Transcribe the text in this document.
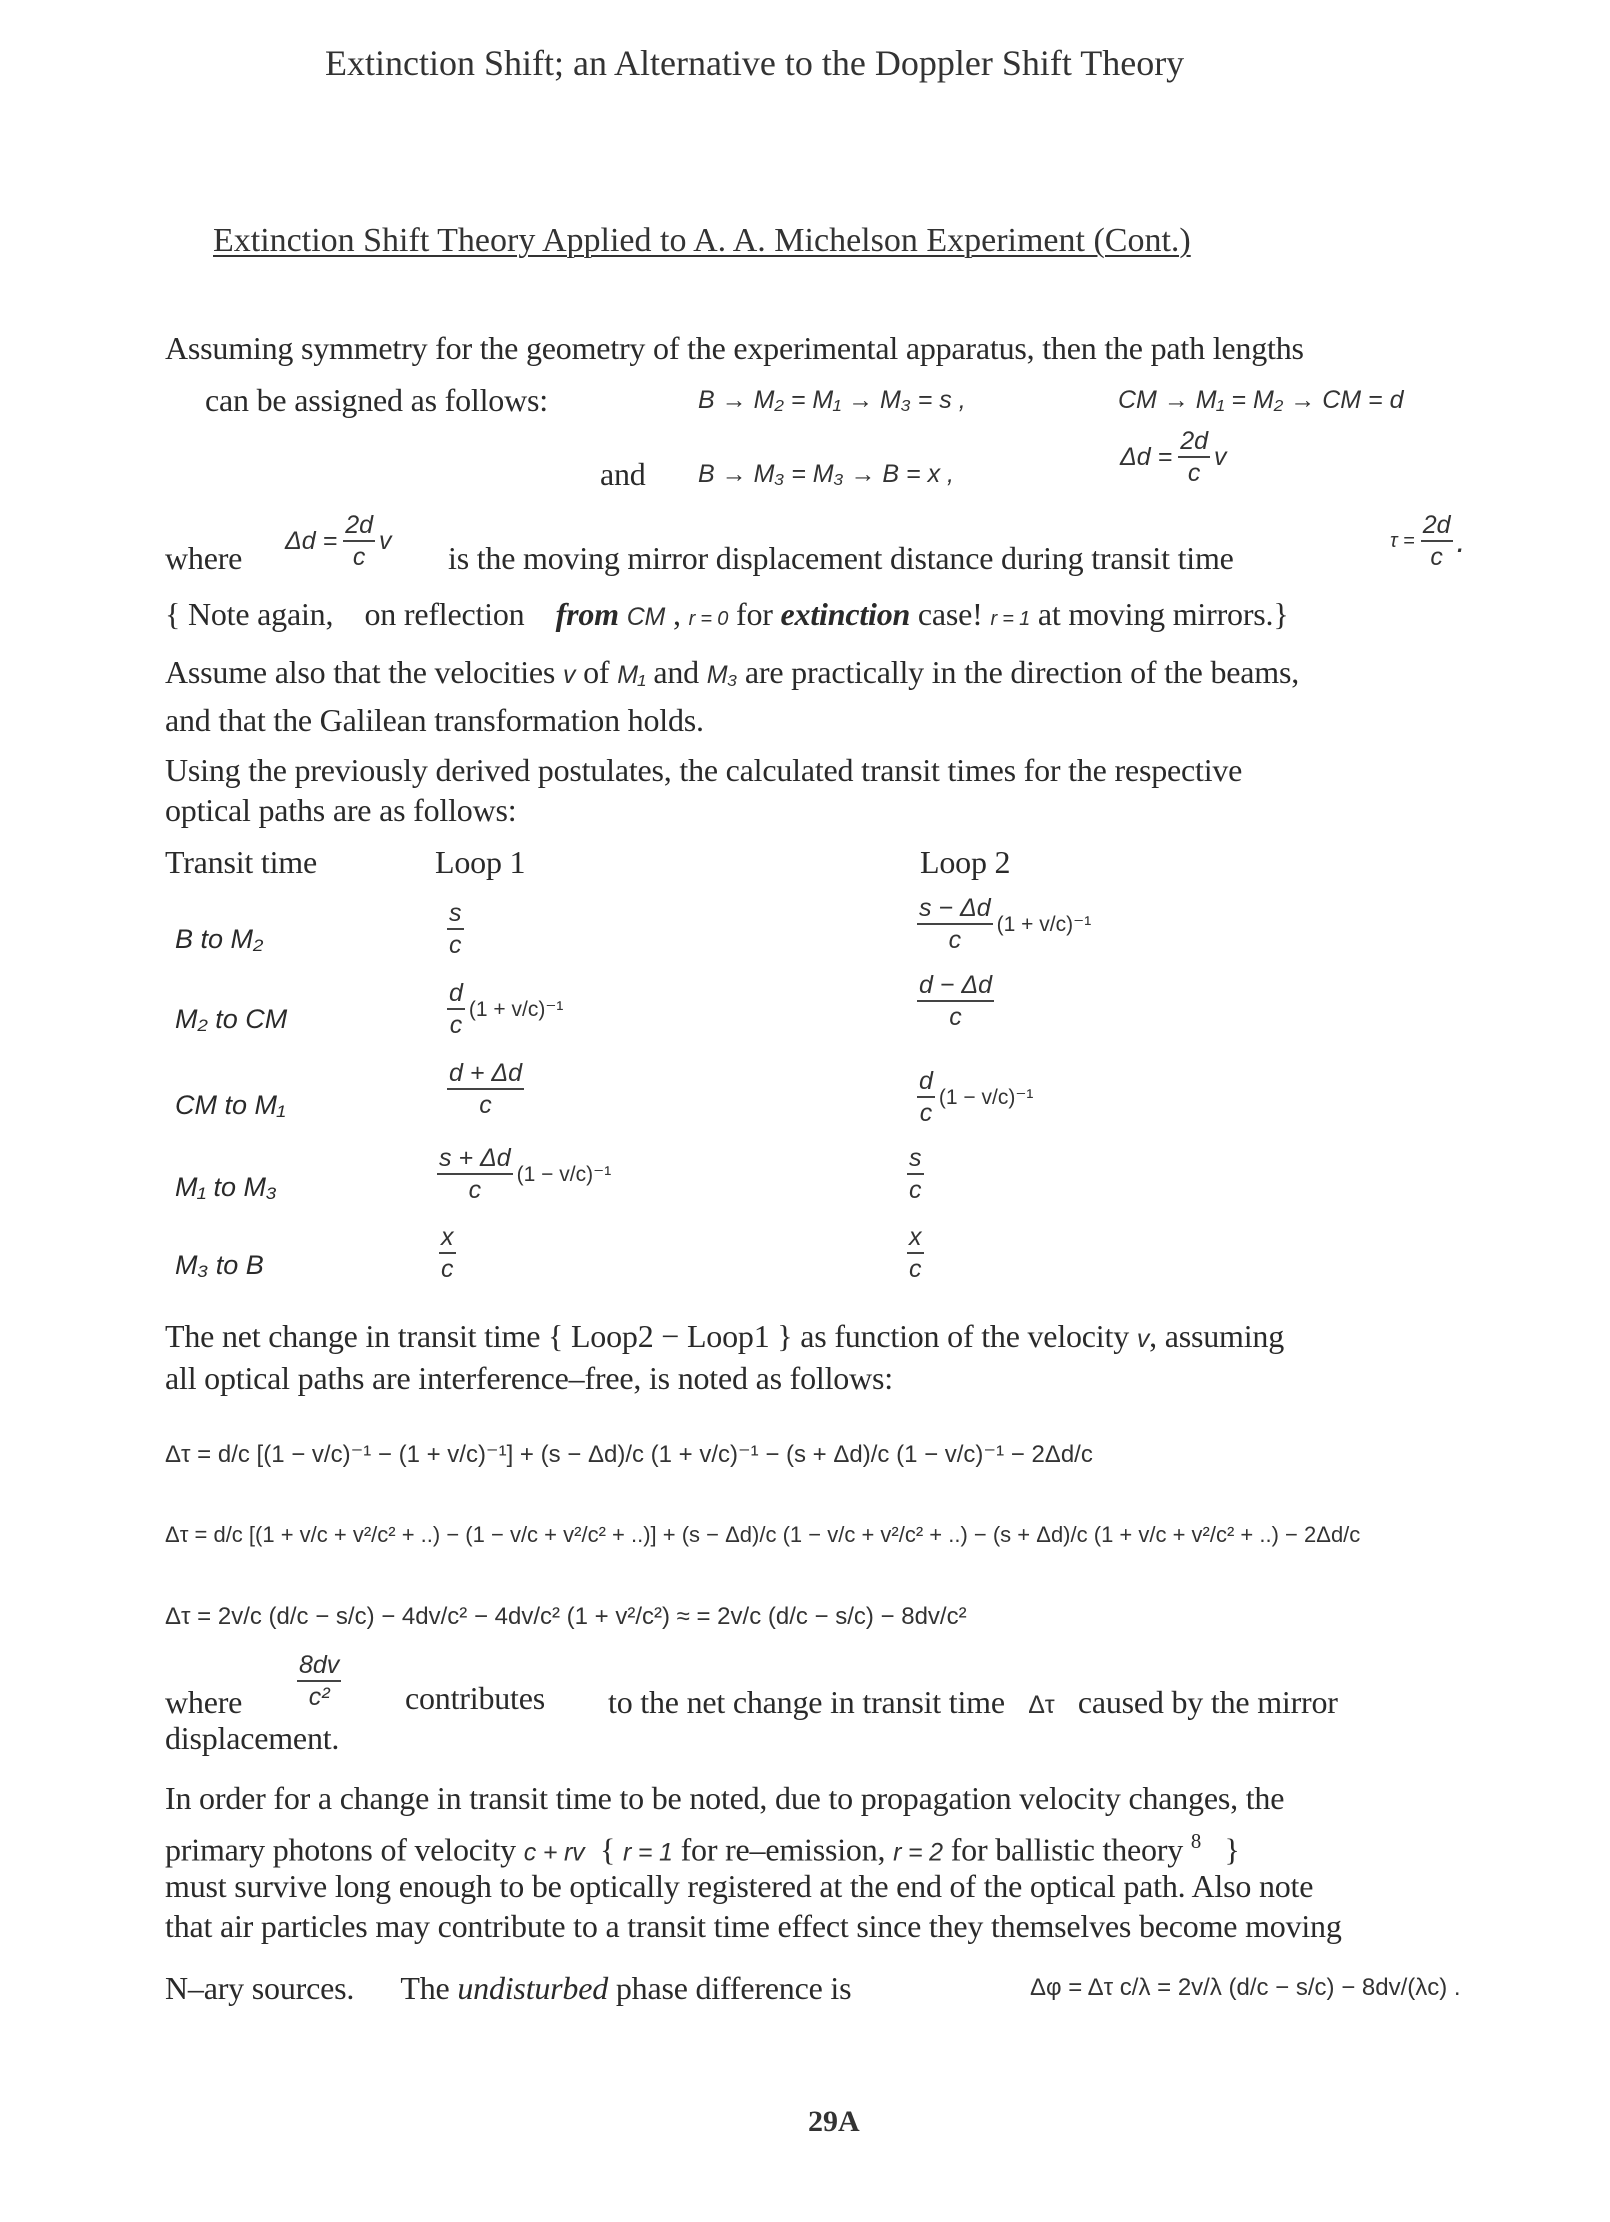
Extinction Shift; an Alternative to the Doppler Shift Theory
Extinction Shift Theory Applied to A. A. Michelson Experiment (Cont.)
Assuming symmetry for the geometry of the experimental apparatus, then the path lengths
can be assigned as follows:	B → M₂ = M₁ → M₃ = s ,	CM → M₁ = M₂ → CM = d
and B → M₃ = M₃ → B = x ,
$\Delta d = \frac{2d}{c}$ v
where $\Delta d = \frac{2d}{c}$ v is the moving mirror displacement distance during transit time	$\tau = \frac{2d}{c}$ .
{ Note again, on reflection from CM , r = 0 for extinction case! r = 1 at moving mirrors.}
Assume also that the velocities v of M₁ and M₃ are practically in the direction of the beams,
and that the Galilean transformation holds.
Using the previously derived postulates, the calculated transit times for the respective
optical paths are as follows:
Transit time	Loop 1	Loop 2
B to M₂	$\frac{s}{c}$	$\frac{s - \Delta d}{c} (1 + v/c)^{-1}$
M₂ to CM	$\frac{d}{c} (1 + v/c)^{-1}$	$\frac{d - \Delta d}{c}$
CM to M₁	$\frac{d + \Delta d}{c}$	$\frac{d}{c} (1 - v/c)^{-1}$
M₁ to M₃	$\frac{s + \Delta d}{c} (1 - v/c)^{-1}$	$\frac{s}{c}$
M₃ to B	$\frac{x}{c}$	$\frac{x}{c}$
The net change in transit time { Loop2 − Loop1 } as function of the velocity v, assuming
all optical paths are interference–free, is noted as follows:
Δτ = d/c [(1 − v/c)⁻¹ − (1 + v/c)⁻¹] + (s − Δd)/c (1 + v/c)⁻¹ − (s + Δd)/c (1 − v/c)⁻¹ − 2Δd/c
Δτ = d/c [(1 + v/c + v²/c² + ..) − (1 − v/c + v²/c² + ..)] + (s − Δd)/c (1 − v/c + v²/c² + ..) − (s + Δd)/c (1 + v/c + v²/c² + ..) − 2Δd/c
Δτ = 2v/c (d/c − s/c) − 4dv/c² − 4dv/c² (1 + v²/c²) ≈ = 2v/c (d/c − s/c) − 8dv/c²
where $\frac{8dv}{\text{c²}}$ contributes to the net change in transit time Δτ caused by the mirror
displacement.
In order for a change in transit time to be noted, due to propagation velocity changes, the
primary photons of velocity c + rv { r = 1 for re–emission, r = 2 for ballistic theory $^8$ }
must survive long enough to be optically registered at the end of the optical path. Also note
that air particles may contribute to a transit time effect since they themselves become moving
N–ary sources. The undisturbed phase difference is	Δφ = Δτ c/λ = 2v/λ (d/c − s/c) − 8dv/(λc) .
29A
